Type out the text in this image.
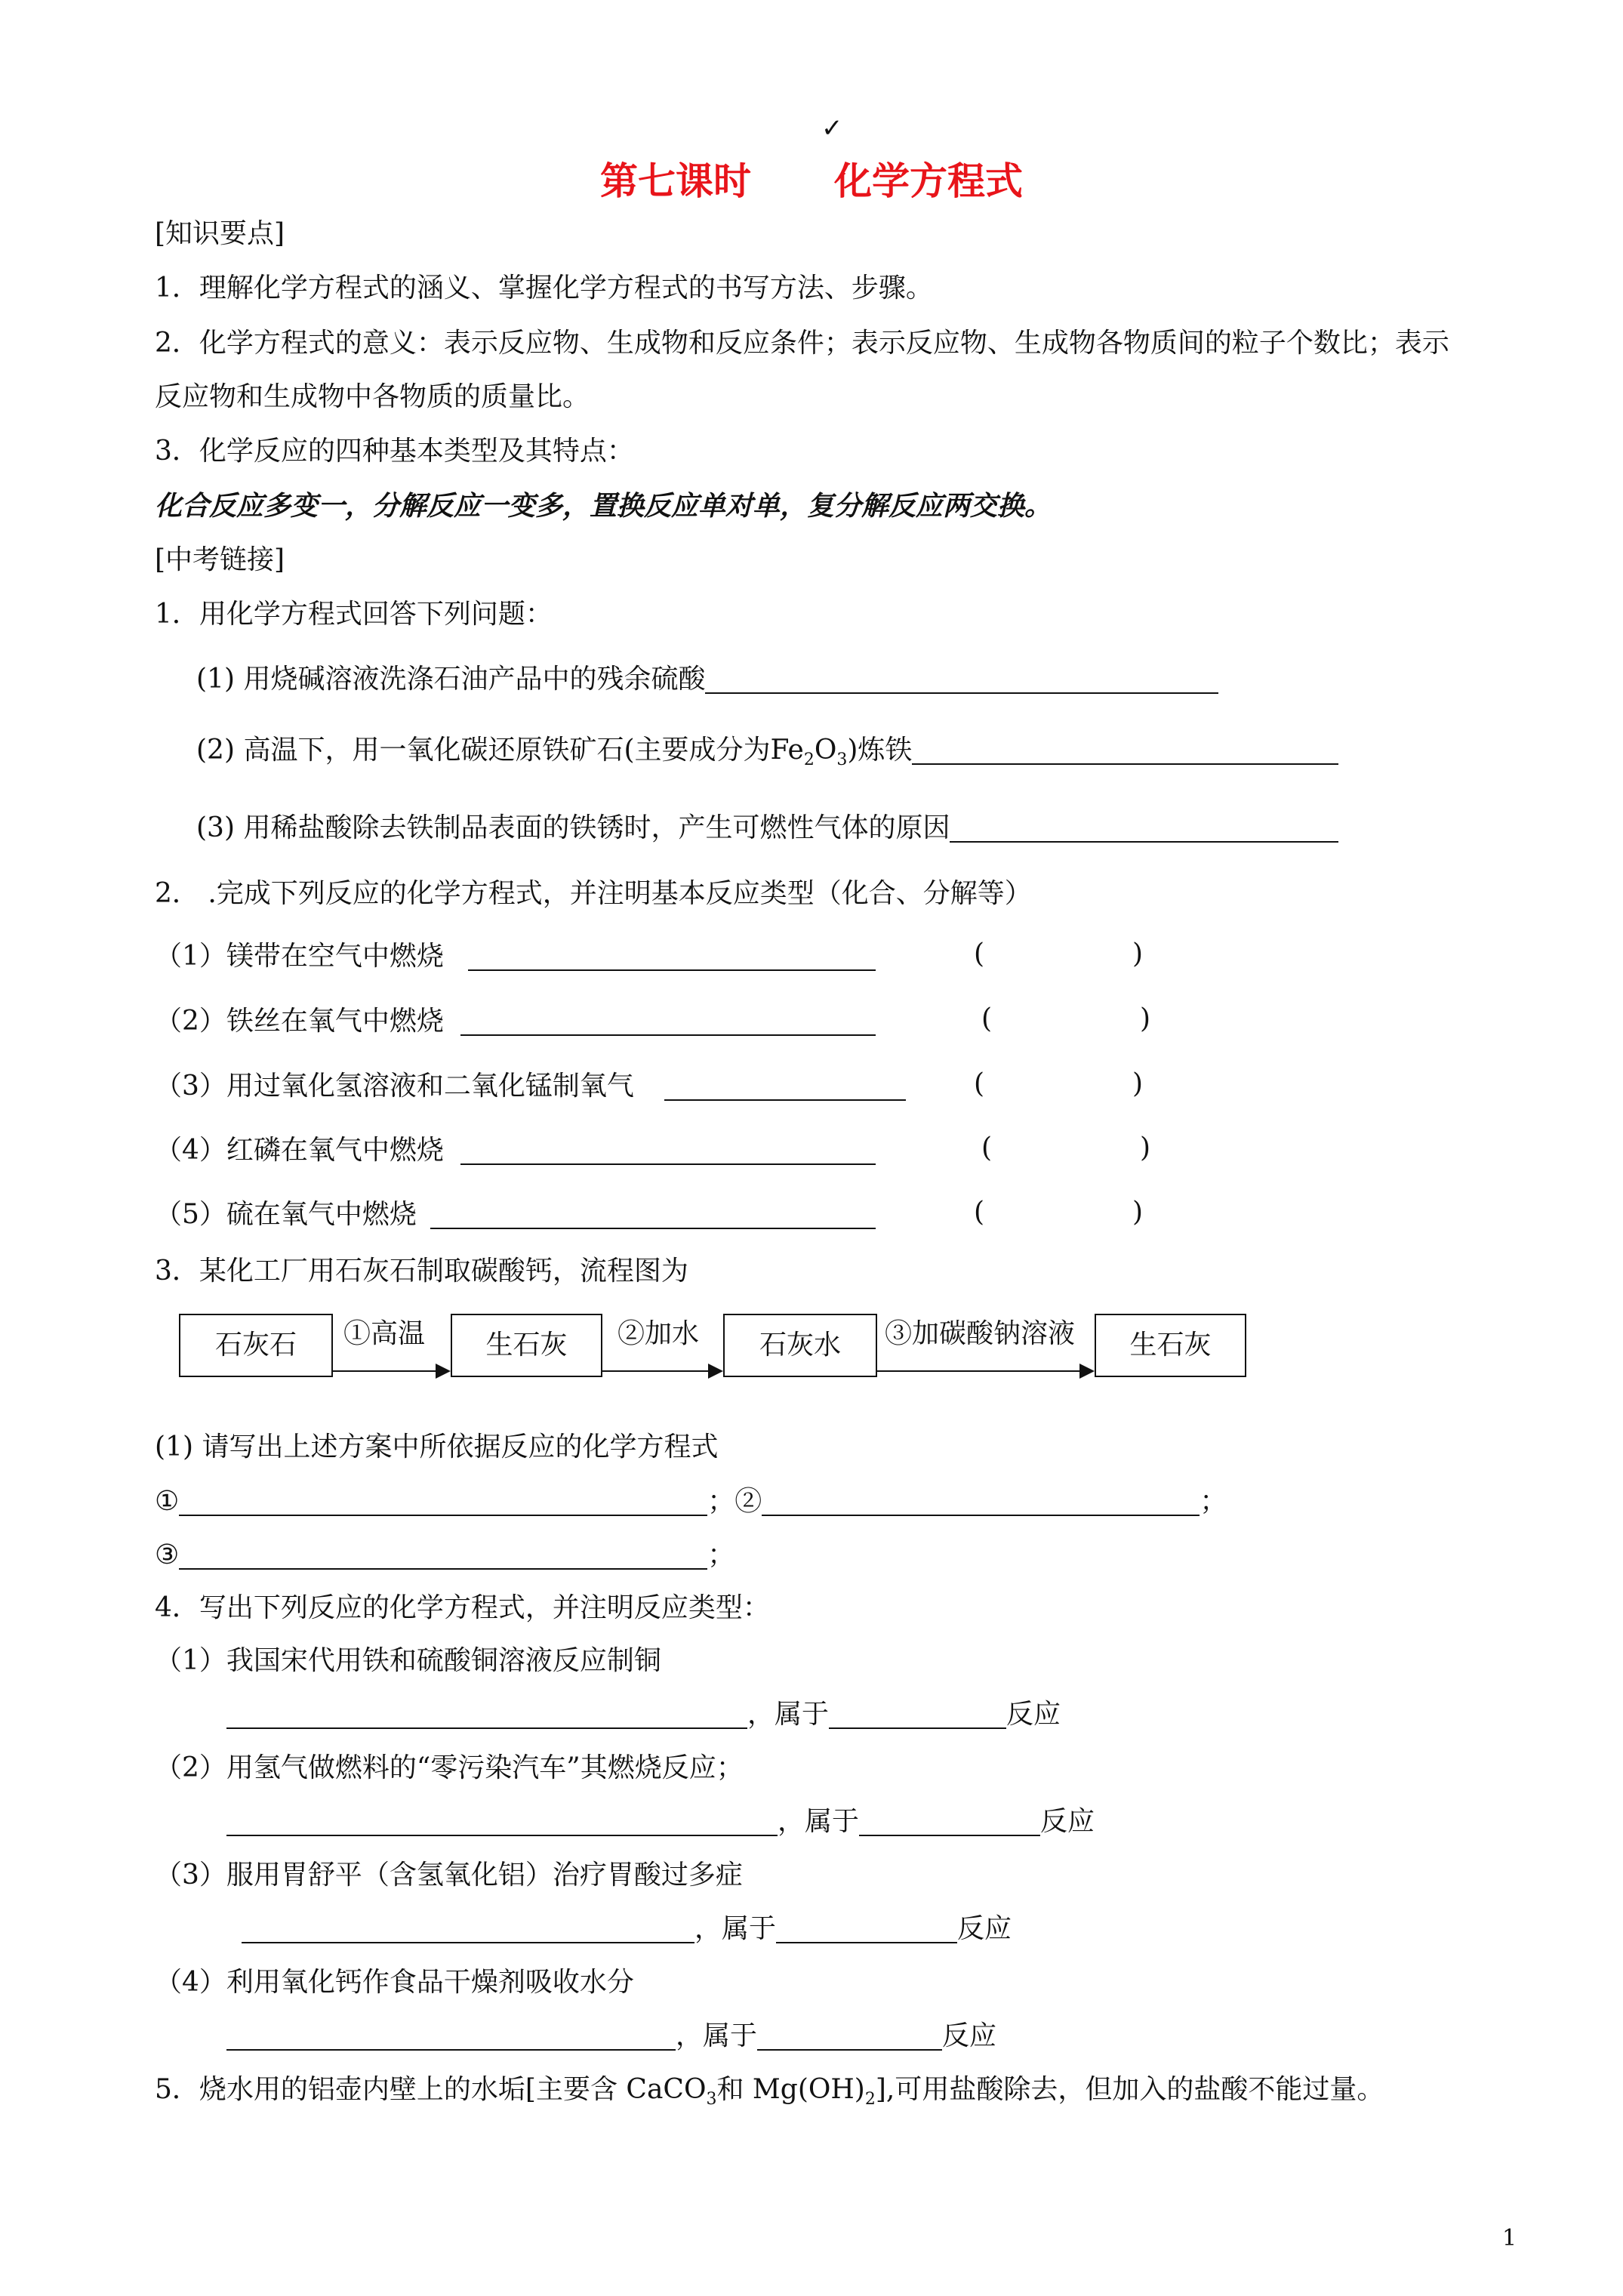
✓
第七课时 化学方程式
[知识要点]
1．理解化学方程式的涵义、掌握化学方程式的书写方法、步骤。
2．化学方程式的意义：表示反应物、生成物和反应条件；表示反应物、生成物各物质间的粒子个数比；表示
反应物和生成物中各物质的质量比。
3．化学反应的四种基本类型及其特点：
化合反应多变一，分解反应一变多，置换反应单对单，复分解反应两交换。
[中考链接]
1．用化学方程式回答下列问题：
(1) 用烧碱溶液洗涤石油产品中的残余硫酸
(2) 高温下，用一氧化碳还原铁矿石(主要成分为$Fe_2O_3$)炼铁
(3) 用稀盐酸除去铁制品表面的铁锈时，产生可燃性气体的原因
2． .完成下列反应的化学方程式，并注明基本反应类型（化合、分解等）
（1）镁带在空气中燃烧	(	)
（2）铁丝在氧气中燃烧	(	)
（3）用过氧化氢溶液和二氧化锰制氧气	(	)
（4）红磷在氧气中燃烧	(	)
（5）硫在氧气中燃烧	(	)
3．某化工厂用石灰石制取碳酸钙，流程图为
石灰石	①高温	生石灰	②加水	石灰水	③加碳酸钠溶液	生石灰
(1) 请写出上述方案中所依据反应的化学方程式
①	；②	；
③	；
4．写出下列反应的化学方程式，并注明反应类型：
（1）我国宋代用铁和硫酸铜溶液反应制铜
，属于	反应
（2）用氢气做燃料的“零污染汽车”其燃烧反应；
，属于	反应
（3）服用胃舒平（含氢氧化铝）治疗胃酸过多症
，属于	反应
（4）利用氧化钙作食品干燥剂吸收水分
，属于	反应
5．烧水用的铝壶内壁上的水垢[主要含 CaCO$_3$和 $Mg(OH)_2$],可用盐酸除去，但加入的盐酸不能过量。
1
